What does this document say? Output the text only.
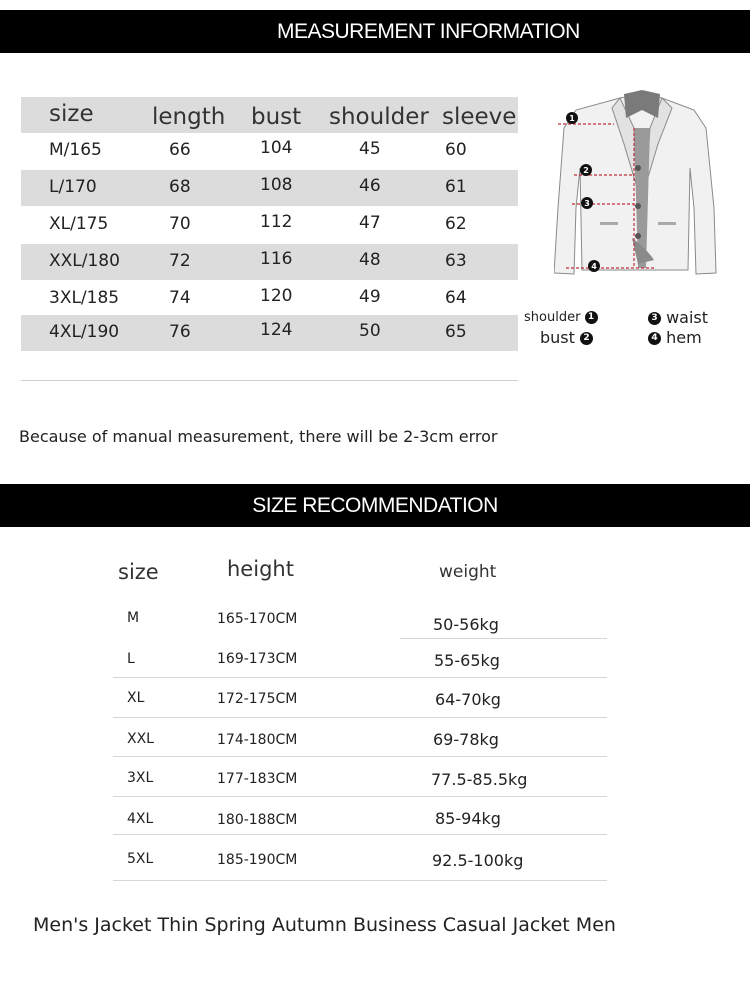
MEASUREMENT INFORMATION
size	length bust shoulder sleeve
M/165	66	104	45	60
L/170	68	108	46	61
XL/175	70	112	47	62
XXL/180	72	116	48	63
3XL/185	74	120	49	64
4XL/190	76	124	50	65
1
2
3
4
shoulder 1
bust 2
3 waist
4 hem
Because of manual measurement, there will be 2-3cm error
SIZE RECOMMENDATION
size	height	weight
M	165-170CM	50-56kg
L	169-173CM	55-65kg
XL	172-175CM	64-70kg
XXL	174-180CM	69-78kg
3XL	177-183CM	77.5-85.5kg
4XL	180-188CM	85-94kg
5XL	185-190CM	92.5-100kg
Men's Jacket Thin Spring Autumn Business Casual Jacket Men
